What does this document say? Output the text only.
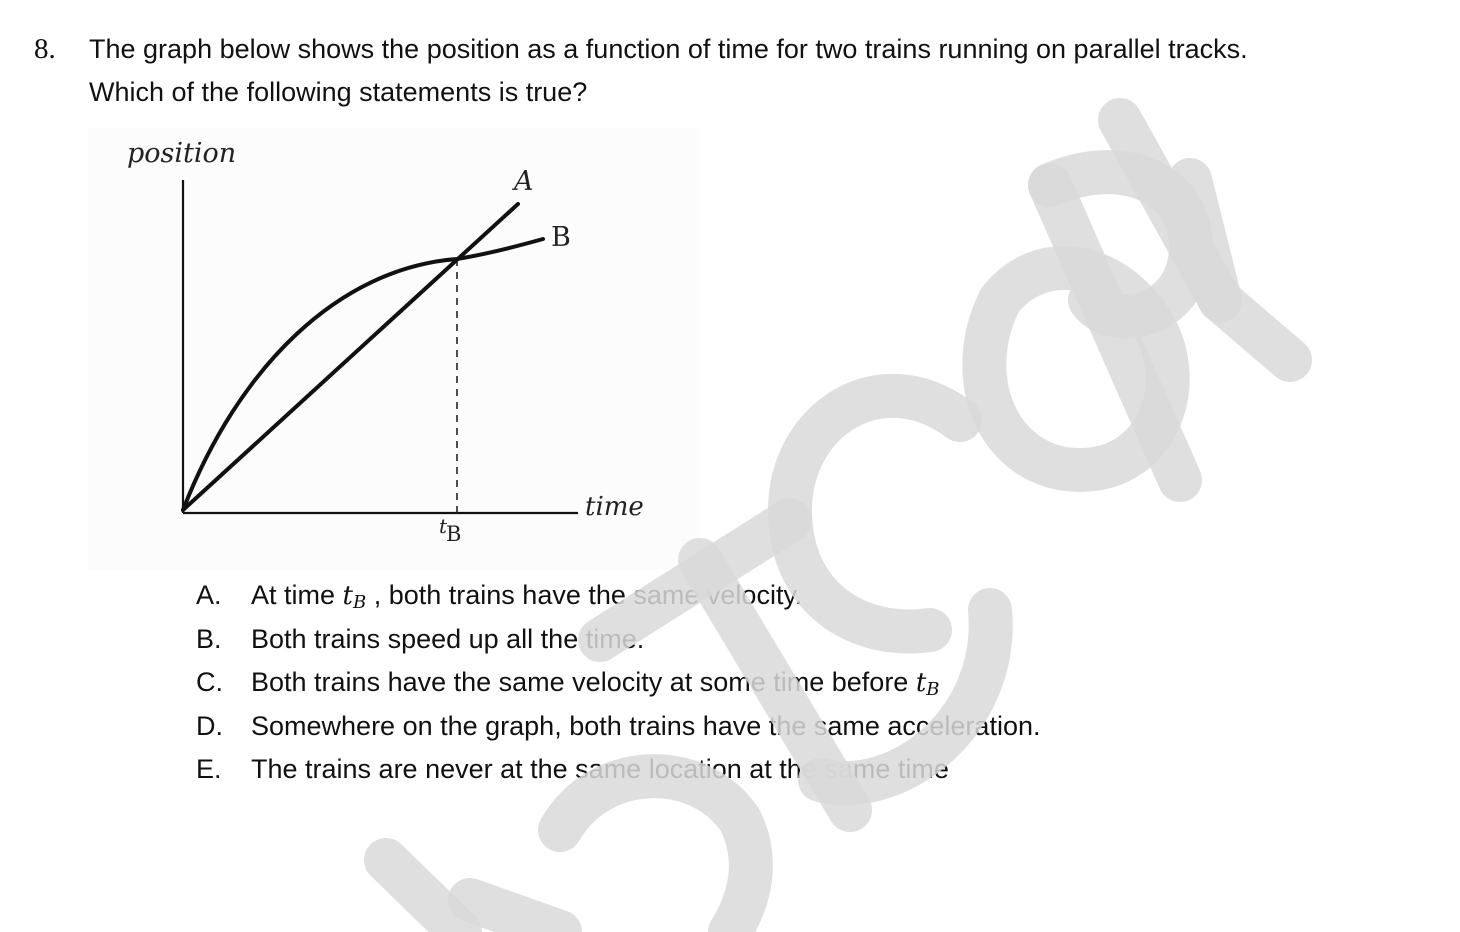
8. The graph below shows the position as a function of time for two trains running on parallel tracks.
Which of the following statements is true?
position
time
A
B
tB
A. At time $t_B$ , both trains have the same velocity.
B. Both trains speed up all the time.
C. Both trains have the same velocity at some time before $t_B$
D. Somewhere on the graph, both trains have the same acceleration.
E. The trains are never at the same location at the same time
